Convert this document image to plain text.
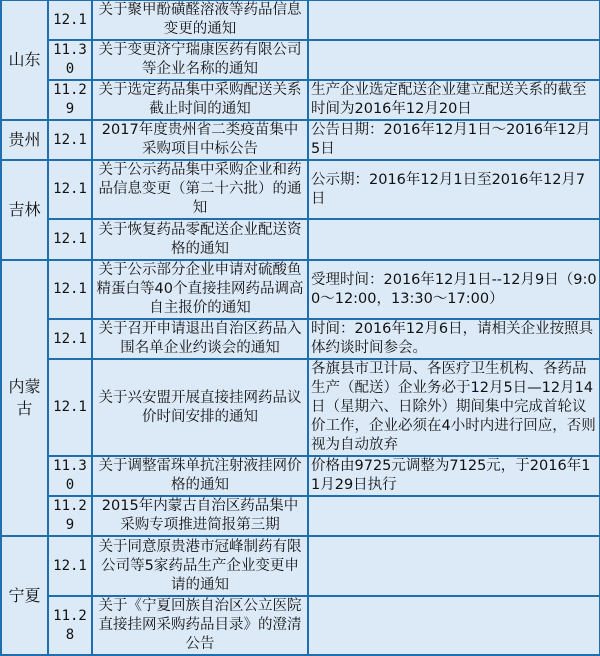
山东	12.1	关于聚甲酚磺醛溶液等药品信息变更的通知	
	11.30	关于变更济宁瑞康医药有限公司等企业名称的通知	
	11.29	关于选定药品集中采购配送关系截止时间的通知	生产企业选定配送企业建立配送关系的截至时间为2016年12月20日
贵州	12.1	2017年度贵州省二类疫苗集中采购项目中标公告	公告日期：2016年12月1日～2016年12月5日
吉林	12.1	关于公示药品集中采购企业和药品信息变更（第二十六批）的通知	公示期：2016年12月1日至2016年12月7日
	12.1	关于恢复药品零配送企业配送资格的通知	
内蒙古	12.1	关于公示部分企业申请对硫酸鱼精蛋白等40个直接挂网药品调高自主报价的通知	受理时间：2016年12月1日--12月9日（9:00～12:00，13:30～17:00）
	12.1	关于召开申请退出自治区药品入围名单企业约谈会的通知	时间：2016年12月6日，请相关企业按照具体约谈时间参会。
	12.1	关于兴安盟开展直接挂网药品议价时间安排的通知	各旗县市卫计局、各医疗卫生机构、各药品生产（配送）企业务必于12月5日—12月14日（星期六、日除外）期间集中完成首轮议价工作，企业必须在4小时内进行回应，否则视为自动放弃
	11.30	关于调整雷珠单抗注射液挂网价格的通知	价格由9725元调整为7125元，于2016年11月29日执行
	11.29	2015年内蒙古自治区药品集中采购专项推进简报第三期	
宁夏	12.1	关于同意原贵港市冠峰制药有限公司等5家药品生产企业变更申请的通知	
	11.28	关于《宁夏回族自治区公立医院直接挂网采购药品目录》的澄清公告	
